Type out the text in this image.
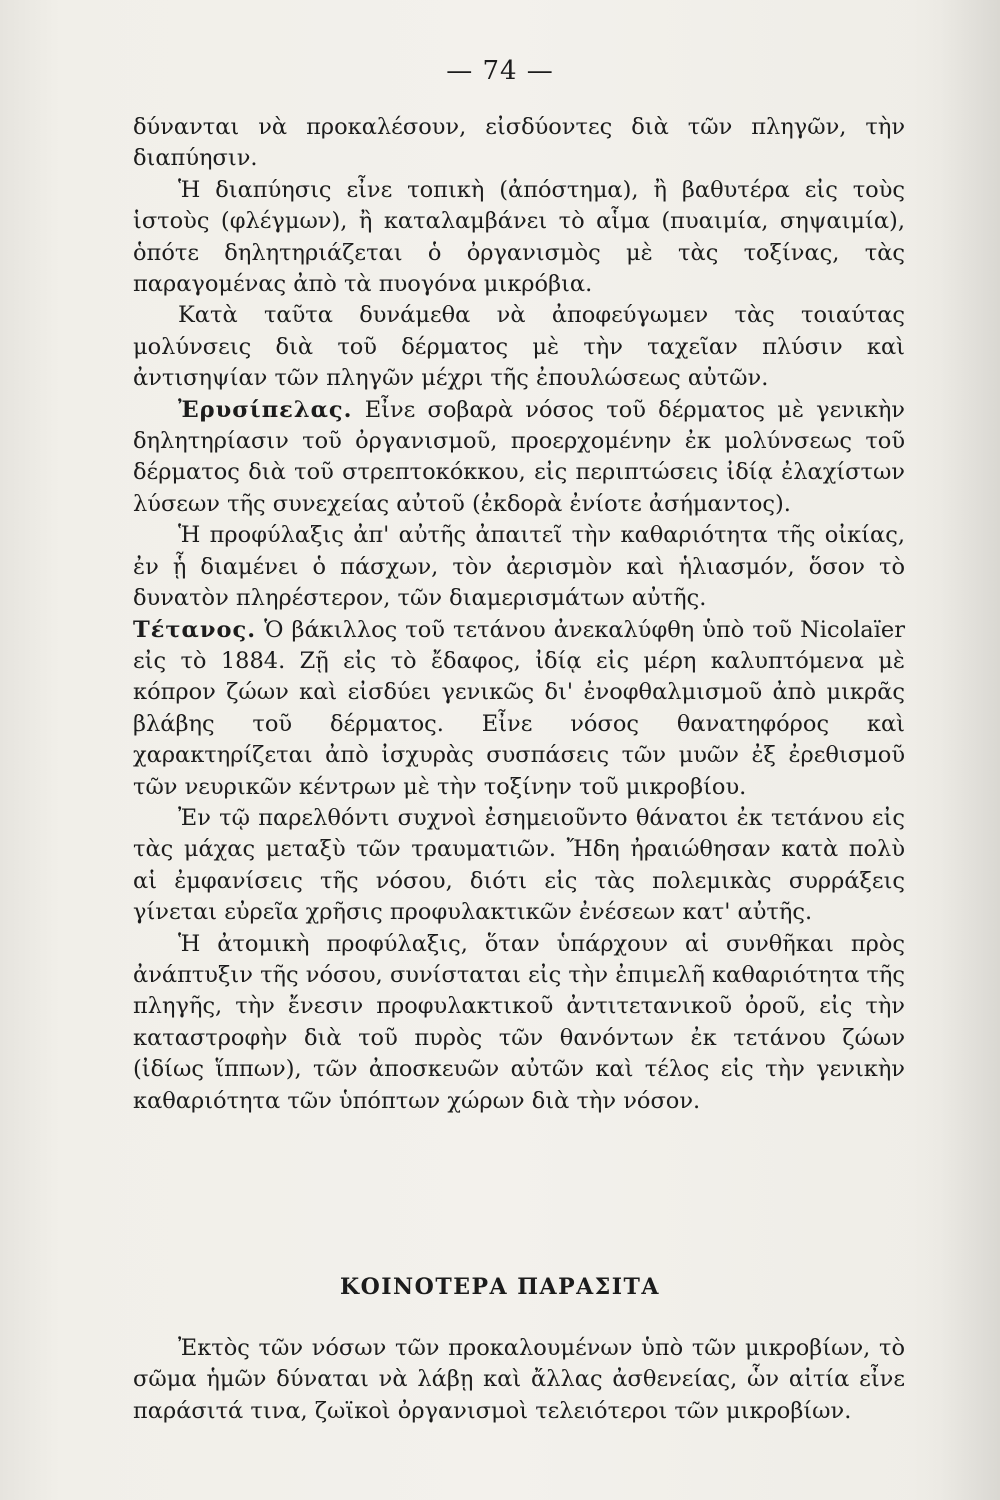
— 74 —

δύνανται νὰ προκαλέσουν, εἰσδύοντες διὰ τῶν πληγῶν, τὴν διαπύησιν.

Ἡ διαπύησις εἶνε τοπικὴ (ἀπόστημα), ἢ βαθυτέρα εἰς τοὺς ἱστοὺς (φλέγμων), ἢ καταλαμβάνει τὸ αἷμα (πυαιμία, σηψαιμία), ὁπότε δηλητηριάζεται ὁ ὀργανισμὸς μὲ τὰς τοξίνας, τὰς παραγομένας ἀπὸ τὰ πυογόνα μικρόβια.

Κατὰ ταῦτα δυνάμεθα νὰ ἀποφεύγωμεν τὰς τοιαύτας μολύνσεις διὰ τοῦ δέρματος μὲ τὴν ταχεῖαν πλύσιν καὶ ἀντισηψίαν τῶν πληγῶν μέχρι τῆς ἐπουλώσεως αὐτῶν.

Ἐρυσίπελας. Εἶνε σοβαρὰ νόσος τοῦ δέρματος μὲ γενικὴν δηλητηρίασιν τοῦ ὀργανισμοῦ, προερχομένην ἐκ μολύνσεως τοῦ δέρματος διὰ τοῦ στρεπτοκόκκου, εἰς περιπτώσεις ἰδίᾳ ἐλαχίστων λύσεων τῆς συνεχείας αὐτοῦ (ἐκδορὰ ἐνίοτε ἀσήμαντος).

Ἡ προφύλαξις ἀπ' αὐτῆς ἀπαιτεῖ τὴν καθαριότητα τῆς οἰκίας, ἐν ᾗ διαμένει ὁ πάσχων, τὸν ἀερισμὸν καὶ ἡλιασμόν, ὅσον τὸ δυνατὸν πληρέστερον, τῶν διαμερισμάτων αὐτῆς.

Τέτανος. Ὁ βάκιλλος τοῦ τετάνου ἀνεκαλύφθη ὑπὸ τοῦ Nicolaïer εἰς τὸ 1884. Ζῇ εἰς τὸ ἔδαφος, ἰδίᾳ εἰς μέρη καλυπτόμενα μὲ κόπρον ζώων καὶ εἰσδύει γενικῶς δι' ἐνοφθαλμισμοῦ ἀπὸ μικρᾶς βλάβης τοῦ δέρματος. Εἶνε νόσος θανατηφόρος καὶ χαρακτηρίζεται ἀπὸ ἰσχυρὰς συσπάσεις τῶν μυῶν ἐξ ἐρεθισμοῦ τῶν νευρικῶν κέντρων μὲ τὴν τοξίνην τοῦ μικροβίου.

Ἐν τῷ παρελθόντι συχνοὶ ἐσημειοῦντο θάνατοι ἐκ τετάνου εἰς τὰς μάχας μεταξὺ τῶν τραυματιῶν. Ἤδη ἠραιώθησαν κατὰ πολὺ αἱ ἐμφανίσεις τῆς νόσου, διότι εἰς τὰς πολεμικὰς συρράξεις γίνεται εὐρεῖα χρῆσις προφυλακτικῶν ἐνέσεων κατ' αὐτῆς.

Ἡ ἀτομικὴ προφύλαξις, ὅταν ὑπάρχουν αἱ συνθῆκαι πρὸς ἀνάπτυξιν τῆς νόσου, συνίσταται εἰς τὴν ἐπιμελῆ καθαριότητα τῆς πληγῆς, τὴν ἔνεσιν προφυλακτικοῦ ἀντιτετανικοῦ ὀροῦ, εἰς τὴν καταστροφὴν διὰ τοῦ πυρὸς τῶν θανόντων ἐκ τετάνου ζώων (ἰδίως ἵππων), τῶν ἀποσκευῶν αὐτῶν καὶ τέλος εἰς τὴν γενικὴν καθαριότητα τῶν ὑπόπτων χώρων διὰ τὴν νόσον.

ΚΟΙΝΟΤΕΡΑ ΠΑΡΑΣΙΤΑ

Ἐκτὸς τῶν νόσων τῶν προκαλουμένων ὑπὸ τῶν μικροβίων, τὸ σῶμα ἡμῶν δύναται νὰ λάβῃ καὶ ἄλλας ἀσθενείας, ὧν αἰτία εἶνε παράσιτά τινα, ζωϊκοὶ ὀργανισμοὶ τελειότεροι τῶν μικροβίων.
